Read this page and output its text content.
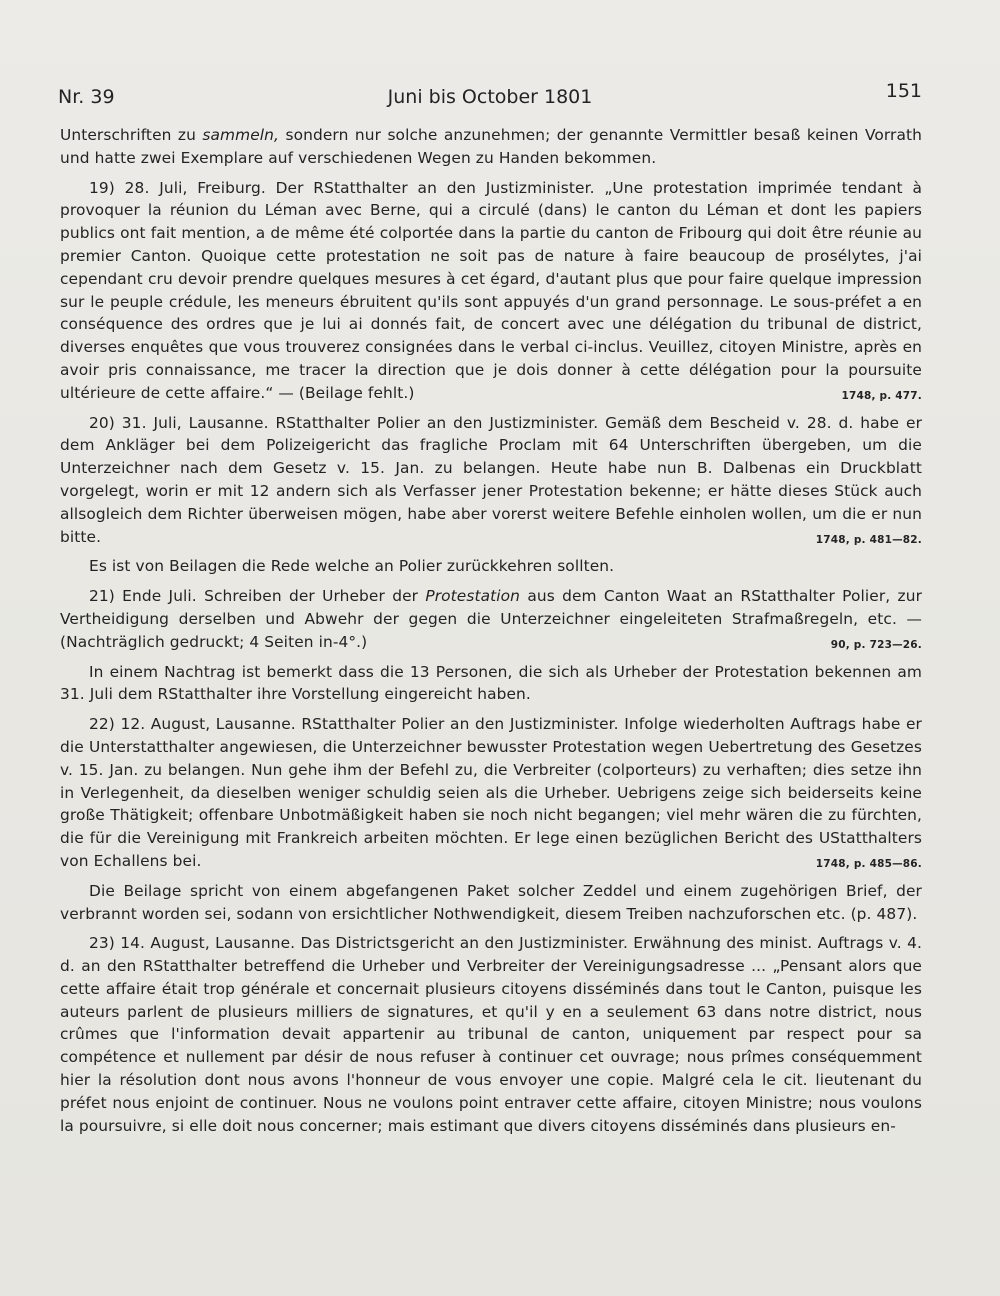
Nr. 39	Juni bis October 1801	151

Unterschriften zu sammeln, sondern nur solche anzunehmen; der genannte Vermittler besaß keinen Vorrath und hatte zwei Exemplare auf verschiedenen Wegen zu Handen bekommen.

19) 28. Juli, Freiburg. Der RStatthalter an den Justizminister. „Une protestation imprimée tendant à provoquer la réunion du Léman avec Berne, qui a circulé (dans) le canton du Léman et dont les papiers publics ont fait mention, a de même été colportée dans la partie du canton de Fribourg qui doit être réunie au premier Canton. Quoique cette protestation ne soit pas de nature à faire beaucoup de prosélytes, j'ai cependant cru devoir prendre quelques mesures à cet égard, d'autant plus que pour faire quelque impression sur le peuple crédule, les meneurs ébruitent qu'ils sont appuyés d'un grand personnage. Le sous-préfet a en conséquence des ordres que je lui ai donnés fait, de concert avec une délégation du tribunal de district, diverses enquêtes que vous trouverez consignées dans le verbal ci-inclus. Veuillez, citoyen Ministre, après en avoir pris connaissance, me tracer la direction que je dois donner à cette délégation pour la poursuite ultérieure de cette affaire.“ — (Beilage fehlt.)	1748, p. 477.

20) 31. Juli, Lausanne. RStatthalter Polier an den Justizminister. Gemäß dem Bescheid v. 28. d. habe er dem Ankläger bei dem Polizeigericht das fragliche Proclam mit 64 Unterschriften übergeben, um die Unterzeichner nach dem Gesetz v. 15. Jan. zu belangen. Heute habe nun B. Dalbenas ein Druckblatt vorgelegt, worin er mit 12 andern sich als Verfasser jener Protestation bekenne; er hätte dieses Stück auch allsogleich dem Richter überweisen mögen, habe aber vorerst weitere Befehle einholen wollen, um die er nun bitte.	1748, p. 481—82.

Es ist von Beilagen die Rede welche an Polier zurückkehren sollten.

21) Ende Juli. Schreiben der Urheber der Protestation aus dem Canton Waat an RStatthalter Polier, zur Vertheidigung derselben und Abwehr der gegen die Unterzeichner eingeleiteten Strafmaßregeln, etc. — (Nachträglich gedruckt; 4 Seiten in-4°.)	90, p. 723—26.

In einem Nachtrag ist bemerkt dass die 13 Personen, die sich als Urheber der Protestation bekennen am 31. Juli dem RStatthalter ihre Vorstellung eingereicht haben.

22) 12. August, Lausanne. RStatthalter Polier an den Justizminister. Infolge wiederholten Auftrags habe er die Unterstatthalter angewiesen, die Unterzeichner bewusster Protestation wegen Uebertretung des Gesetzes v. 15. Jan. zu belangen. Nun gehe ihm der Befehl zu, die Verbreiter (colporteurs) zu verhaften; dies setze ihn in Verlegenheit, da dieselben weniger schuldig seien als die Urheber. Uebrigens zeige sich beiderseits keine große Thätigkeit; offenbare Unbotmäßigkeit haben sie noch nicht begangen; viel mehr wären die zu fürchten, die für die Vereinigung mit Frankreich arbeiten möchten. Er lege einen bezüglichen Bericht des UStatthalters von Echallens bei.	1748, p. 485—86.

Die Beilage spricht von einem abgefangenen Paket solcher Zeddel und einem zugehörigen Brief, der verbrannt worden sei, sodann von ersichtlicher Nothwendigkeit, diesem Treiben nachzuforschen etc. (p. 487).

23) 14. August, Lausanne. Das Districtsgericht an den Justizminister. Erwähnung des minist. Auftrags v. 4. d. an den RStatthalter betreffend die Urheber und Verbreiter der Vereinigungsadresse ... „Pensant alors que cette affaire était trop générale et concernait plusieurs citoyens disséminés dans tout le Canton, puisque les auteurs parlent de plusieurs milliers de signatures, et qu'il y en a seulement 63 dans notre district, nous crûmes que l'information devait appartenir au tribunal de canton, uniquement par respect pour sa compétence et nullement par désir de nous refuser à continuer cet ouvrage; nous prîmes conséquemment hier la résolution dont nous avons l'honneur de vous envoyer une copie. Malgré cela le cit. lieutenant du préfet nous enjoint de continuer. Nous ne voulons point entraver cette affaire, citoyen Ministre; nous voulons la poursuivre, si elle doit nous concerner; mais estimant que divers citoyens disséminés dans plusieurs en-
